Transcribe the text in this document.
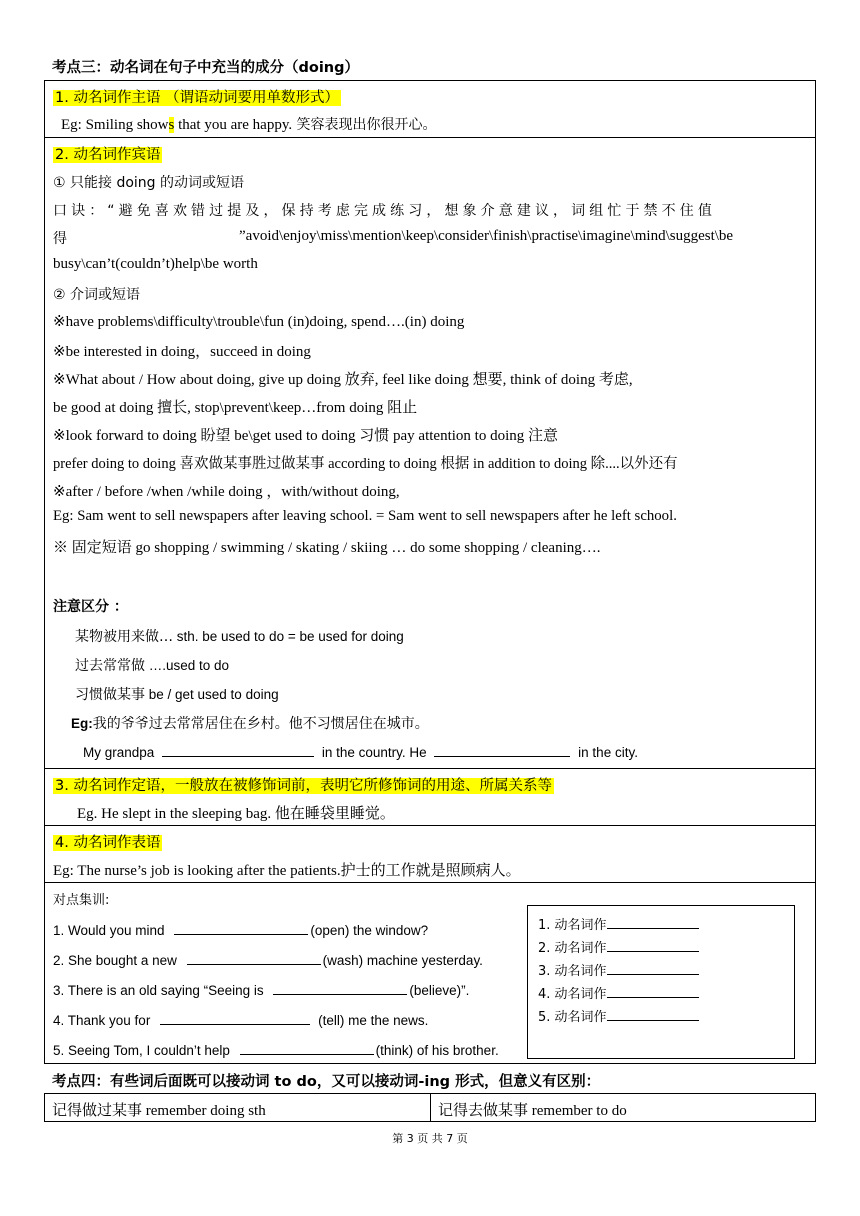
考点三：动名词在句子中充当的成分（doing）
1. 动名词作主语 （谓语动词要用单数形式）
Eg: Smiling shows that you are happy. 笑容表现出你很开心。
2. 动名词作宾语
① 只能接 doing 的动词或短语
口诀：“避免喜欢错过提及，保持考虑完成练习，想象介意建议，词组忙于禁不住值
得	”avoid\enjoy\miss\mention\keep\consider\finish\practise\imagine\mind\suggest\be
busy\can’t(couldn’t)help\be worth
② 介词或短语
※have problems\difficulty\trouble\fun (in)doing, spend….(in) doing
※be interested in doing，succeed in doing
※What about / How about doing, give up doing 放弃, feel like doing 想要, think of doing 考虑,
be good at doing 擅长, stop\prevent\keep…from doing 阻止
※look forward to doing 盼望 be\get used to doing 习惯 pay attention to doing 注意
prefer doing to doing 喜欢做某事胜过做某事 according to doing 根据 in addition to doing 除....以外还有
※after / before /when /while doing ，with/without doing,
Eg: Sam went to sell newspapers after leaving school. = Sam went to sell newspapers after he left school.
※ 固定短语 go shopping / swimming / skating / skiing … do some shopping / cleaning….
注意区分 ：
某物被用来做… sth. be used to do = be used for doing
过去常常做 ….used to do
习惯做某事 be / get used to doing
Eg:我的爷爷过去常常居住在乡村。他不习惯居住在城市。
My grandpa	in the country. He	in the city.
3. 动名词作定语，一般放在被修饰词前，表明它所修饰词的用途、所属关系等
Eg. He slept in the sleeping bag. 他在睡袋里睡觉。
4. 动名词作表语
Eg: The nurse’s job is looking after the patients.护士的工作就是照顾病人。
对点集训:
1. Would you mind	(open) the window?
2. She bought a new	(wash) machine yesterday.
3. There is an old saying “Seeing is	(believe)”.
4. Thank you for	(tell) me the news.
5. Seeing Tom, I couldn’t help	(think) of his brother.
1. 动名词作
2. 动名词作
3. 动名词作
4. 动名词作
5. 动名词作
考点四：有些词后面既可以接动词 to do，又可以接动词-ing 形式，但意义有区别：
记得做过某事 remember doing sth	记得去做某事 remember to do
第 3 页 共 7 页
